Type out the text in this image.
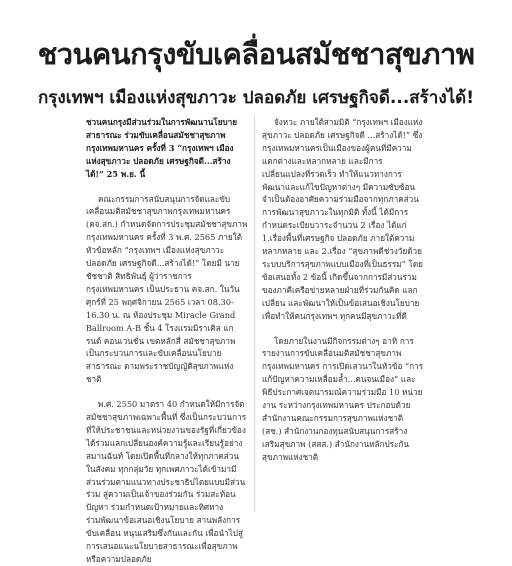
ชวนคนกรุงขับเคลื่อนสมัชชาสุขภาพ
กรุงเทพฯ เมืองแห่งสุขภาวะ ปลอดภัย เศรษฐกิจดี...สร้างได้!

ชวนคนกรุงมีส่วนร่วมในการพัฒนานโยบายสาธารณะ ร่วมขับเคลื่อนสมัชชาสุขภาพกรุงเทพมหานคร ครั้งที่ 3 “กรุงเทพฯ เมืองแห่งสุขภาวะ ปลอดภัย เศรษฐกิจดี...สร้างได้!” 25 พ.ย. นี้

คณะกรรมการสนับสนุนการจัดและขับเคลื่อนมติสมัชชาสุขภาพกรุงเทพมหานคร (คจ.สก.) กำหนดจัดการประชุมสมัชชาสุขภาพกรุงเทพมหานคร ครั้งที่ 3 พ.ศ. 2565 ภายใต้หัวข้อหลัก “กรุงเทพฯ เมืองแห่งสุขภาวะ ปลอดภัย เศรษฐกิจดี...สร้างได้!” โดยมี นายชัชชาติ สิทธิพันธุ์ ผู้ว่าราชการกรุงเทพมหานคร เป็นประธาน คจ.สก. ในวันศุกร์ที่ 25 พฤศจิกายน 2565 เวลา 08.30-16.30 น. ณ ห้องประชุม Miracle Grand Ballroom A-B ชั้น 4 โรงแรมมิราเคิล แกรนด์ คอนเวนชั่น เขตหลักสี่ สมัชชาสุขภาพเป็นกระบวนการและขับเคลื่อนนโยบายสาธารณะ ตามพระราชบัญญัติสุขภาพแห่งชาติ

พ.ศ. 2550 มาตรา 40 กำหนดให้มีการจัดสมัชชาสุขภาพเฉพาะพื้นที่ ซึ่งเป็นกระบวนการที่ให้ประชาชนและหน่วยงานของรัฐที่เกี่ยวข้องได้ร่วมแลกเปลี่ยนองค์ความรู้และเรียนรู้อย่างสมานฉันท์ โดยเปิดพื้นที่กลางให้ทุกภาคส่วนในสังคม ทุกกลุ่มวัย ทุกเพศภาวะได้เข้ามามีส่วนร่วมตามแนวทางประชาธิปไตยแบบมีส่วนร่วม สู่ความเป็นเจ้าของร่วมกัน ร่วมสะท้อนปัญหา ร่วมกำหนดเป้าหมายและทิศทาง ร่วมพัฒนาข้อเสนอเชิงนโยบาย สานพลังการขับเคลื่อน หนุนเสริมซึ่งกันและกัน เพื่อนำไปสู่การเสนอแนะนโยบายสาธารณะเพื่อสุขภาพหรือความปลอดภัย

จังหวะ ภายใต้สามมิติ “กรุงเทพฯ เมืองแห่งสุขภาวะ ปลอดภัย เศรษฐกิจดี ...สร้างได้!” ซึ่งกรุงเทพมหานครเป็นเมืองของผู้คนที่มีความแตกต่างและหลากหลาย และมีการเปลี่ยนแปลงที่รวดเร็ว ทำให้แนวทางการพัฒนาและแก้ไขปัญหาต่างๆ มีความซับซ้อน จำเป็นต้องอาศัยความร่วมมือจากทุกภาคส่วน การพัฒนาสุขภาวะในทุกมิติ ทั้งนี้ ได้มีการกำหนดระเบียบวาระจำนวน 2 เรื่อง ได้แก่ 1.เรื่องพื้นที่เศรษฐกิจ ปลอดภัย ภายใต้ความหลากหลาย และ 2.เรื่อง “สุขภาพดีช่วงวัยด้วยระบบบริการสุขภาพแบบเมืองที่เป็นธรรม” โดยข้อเสนอทั้ง 2 ข้อนี้ เกิดขึ้นจากการมีส่วนร่วมของภาคีเครือข่ายหลายฝ่ายที่ร่วมกันคิด แลกเปลี่ยน และพัฒนาให้เป็นข้อเสนอเชิงนโยบาย เพื่อทำให้คนกรุงเทพฯ ทุกคนมีสุขภาวะที่ดี

โดยภายในงานมีกิจกรรมต่างๆ อาทิ การรายงานการขับเคลื่อนมติสมัชชาสุขภาพกรุงเทพมหานคร การเปิดเสวนาในหัวข้อ “การแก้ปัญหาความเหลื่อมล้ำ...คนจนเมือง” และพิธีประกาศเจตนารมณ์ความร่วมมือ 10 หน่วยงาน ระหว่างกรุงเทพมหานคร ประกอบด้วยสำนักงานคณะกรรมการสุขภาพแห่งชาติ (สช.) สำนักงานกองทุนสนับสนุนการสร้างเสริมสุขภาพ (สสส.) สำนักงานหลักประกันสุขภาพแห่งชาติ
